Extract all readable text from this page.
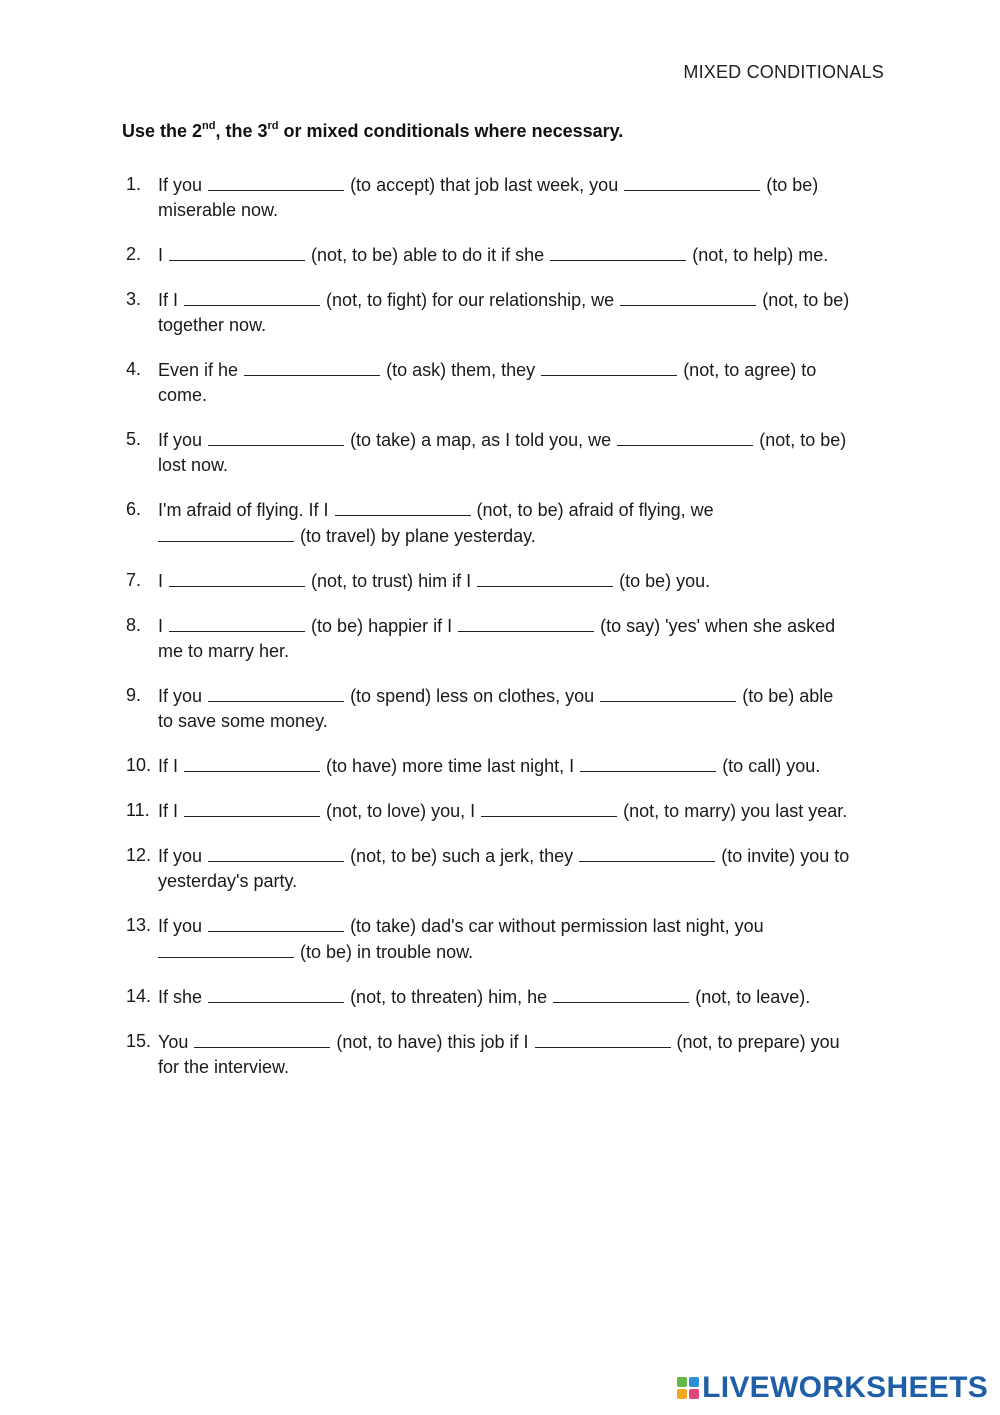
MIXED CONDITIONALS
Use the 2nd, the 3rd or mixed conditionals where necessary.
1. If you	(to accept) that job last week, you	(to be)
miserable now.
2. I	(not, to be) able to do it if she	(not, to help) me.
3. If I	(not, to fight) for our relationship, we	(not, to be)
together now.
4. Even if he	(to ask) them, they	(not, to agree) to
come.
5. If you	(to take) a map, as I told you, we	(not, to be)
lost now.
6. I'm afraid of flying. If I	(not, to be) afraid of flying, we
(to travel) by plane yesterday.
7. I	(not, to trust) him if I	(to be) you.
8. I	(to be) happier if I	(to say) 'yes' when she asked
me to marry her.
9. If you	(to spend) less on clothes, you	(to be) able
to save some money.
10. If I	(to have) more time last night, I	(to call) you.
11. If I	(not, to love) you, I	(not, to marry) you last year.
12. If you	(not, to be) such a jerk, they	(to invite) you to
yesterday's party.
13. If you	(to take) dad's car without permission last night, you
(to be) in trouble now.
14. If she	(not, to threaten) him, he	(not, to leave).
15. You	(not, to have) this job if I	(not, to prepare) you
for the interview.
LIVEWORKSHEETS
